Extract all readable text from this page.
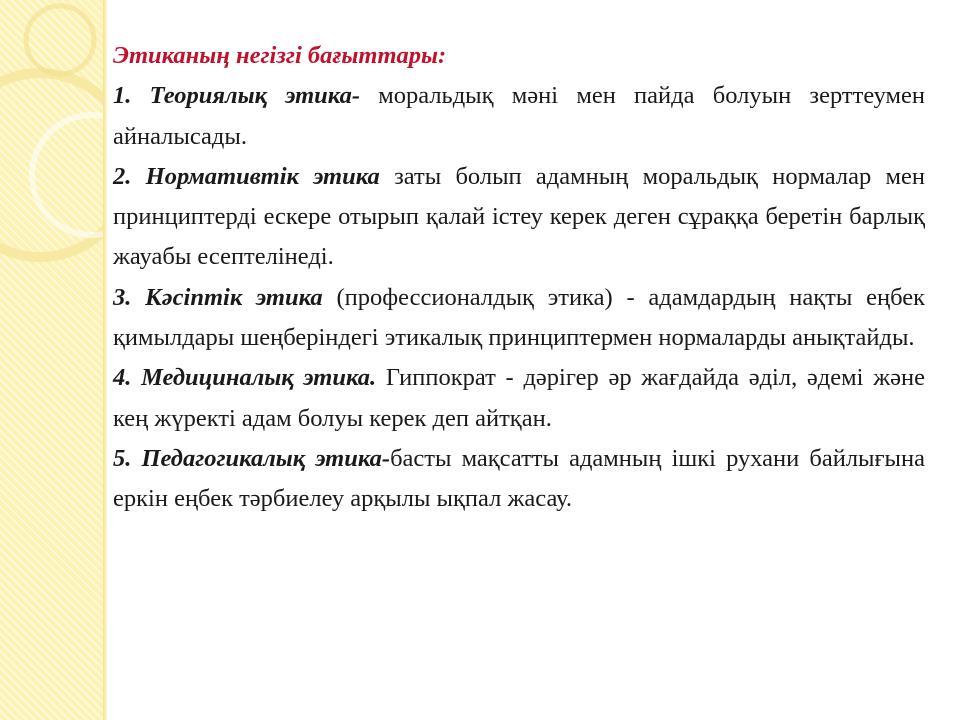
Этиканың негізгі бағыттары:

1. Теориялық этика- моральдық мәні мен пайда болуын зерттеумен айналысады.

2. Нормативтік этика заты болып адамның моральдық нормалар мен принциптерді ескере отырып қалай істеу керек деген сұраққа беретін барлық жауабы есептелінеді.

3. Кәсіптік этика (профессионалдық этика) - адамдардың нақты еңбек қимылдары шеңберіндегі этикалық принциптермен нормаларды анықтайды.

4. Медициналық этика. Гиппократ - дәрігер әр жағдайда әділ, әдемі және кең жүректі адам болуы керек деп айтқан.

5. Педагогикалық этика-басты мақсатты адамның ішкі рухани байлығына еркін еңбек тәрбиелеу арқылы ықпал жасау.
